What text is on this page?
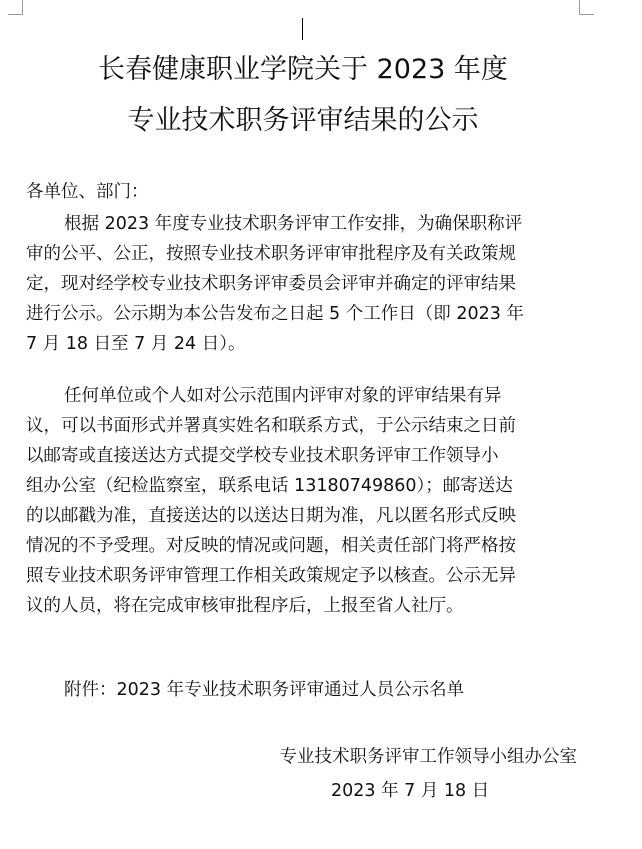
长春健康职业学院关于 2023 年度
专业技术职务评审结果的公示
各单位、部门：
根据 2023 年度专业技术职务评审工作安排，为确保职称评
审的公平、公正，按照专业技术职务评审审批程序及有关政策规
定，现对经学校专业技术职务评审委员会评审并确定的评审结果
进行公示。公示期为本公告发布之日起 5 个工作日（即 2023 年
7 月 18 日至 7 月 24 日）。
任何单位或个人如对公示范围内评审对象的评审结果有异
议，可以书面形式并署真实姓名和联系方式，于公示结束之日前
以邮寄或直接送达方式提交学校专业技术职务评审工作领导小
组办公室（纪检监察室，联系电话 13180749860）；邮寄送达
的以邮戳为准，直接送达的以送达日期为准，凡以匿名形式反映
情况的不予受理。对反映的情况或问题，相关责任部门将严格按
照专业技术职务评审管理工作相关政策规定予以核查。公示无异
议的人员，将在完成审核审批程序后，上报至省人社厅。
附件：2023 年专业技术职务评审通过人员公示名单
专业技术职务评审工作领导小组办公室
2023 年 7 月 18 日
